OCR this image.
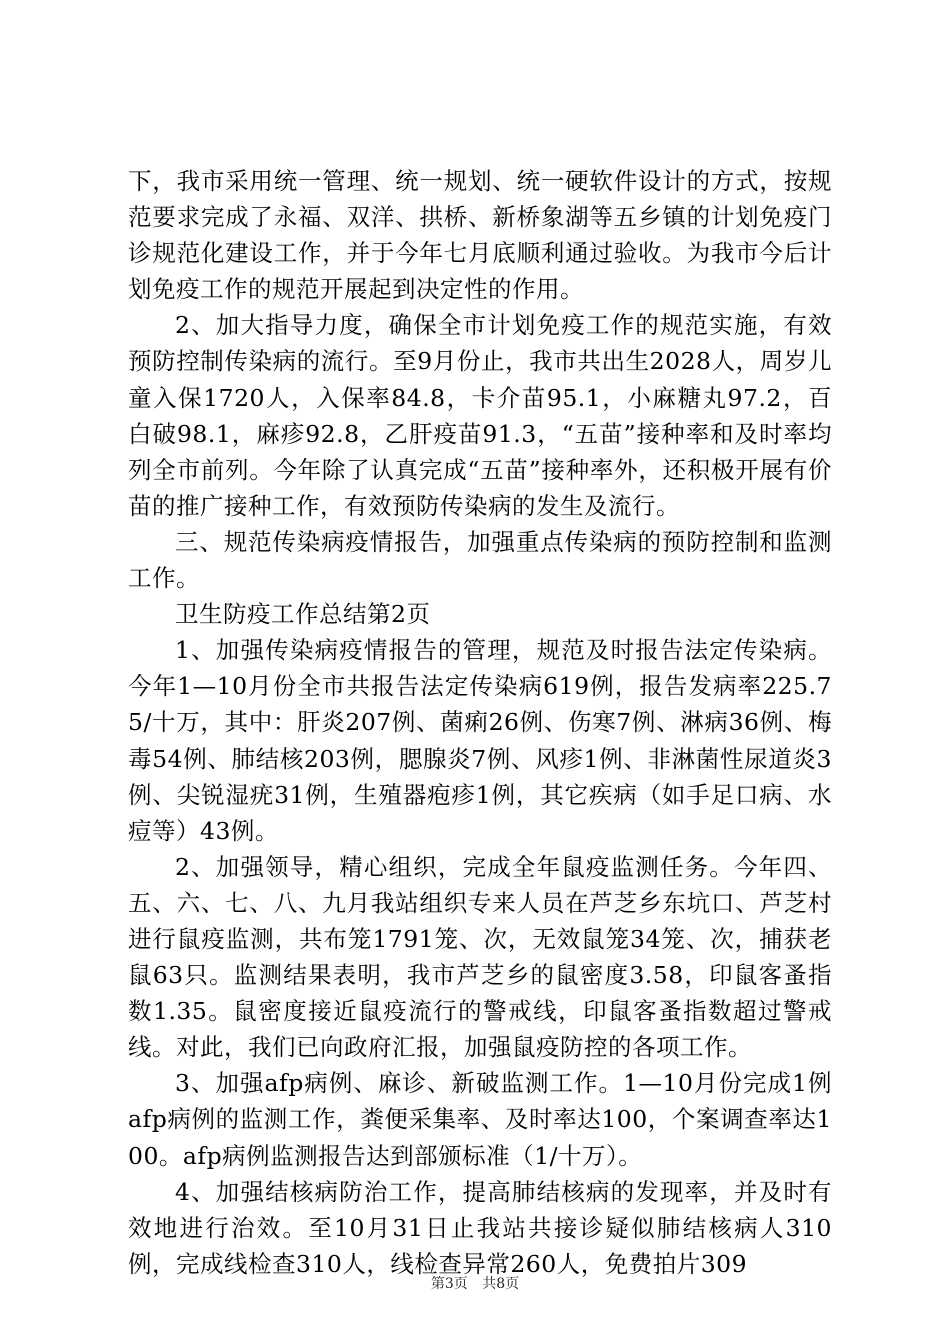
下，我市采用统一管理、统一规划、统一硬软件设计的方式，按规范要求完成了永福、双洋、拱桥、新桥象湖等五乡镇的计划免疫门诊规范化建设工作，并于今年七月底顺利通过验收。为我市今后计划免疫工作的规范开展起到决定性的作用。

2、加大指导力度，确保全市计划免疫工作的规范实施，有效预防控制传染病的流行。至9月份止，我市共出生2028人，周岁儿童入保1720人，入保率84.8，卡介苗95.1，小麻糖丸97.2，百白破98.1，麻疹92.8，乙肝疫苗91.3，“五苗”接种率和及时率均列全市前列。今年除了认真完成“五苗”接种率外，还积极开展有价苗的推广接种工作，有效预防传染病的发生及流行。

三、规范传染病疫情报告，加强重点传染病的预防控制和监测工作。

卫生防疫工作总结第2页

1、加强传染病疫情报告的管理，规范及时报告法定传染病。今年1—10月份全市共报告法定传染病619例，报告发病率225.75/十万，其中：肝炎207例、菌痢26例、伤寒7例、淋病36例、梅毒54例、肺结核203例，腮腺炎7例、风疹1例、非淋菌性尿道炎3例、尖锐湿疣31例，生殖器疱疹1例，其它疾病（如手足口病、水痘等）43例。

2、加强领导，精心组织，完成全年鼠疫监测任务。今年四、五、六、七、八、九月我站组织专来人员在芦芝乡东坑口、芦芝村进行鼠疫监测，共布笼1791笼、次，无效鼠笼34笼、次，捕获老鼠63只。监测结果表明，我市芦芝乡的鼠密度3.58，印鼠客蚤指数1.35。鼠密度接近鼠疫流行的警戒线，印鼠客蚤指数超过警戒线。对此，我们已向政府汇报，加强鼠疫防控的各项工作。

3、加强afp病例、麻诊、新破监测工作。1—10月份完成1例afp病例的监测工作，粪便采集率、及时率达100，个案调查率达100。afp病例监测报告达到部颁标准（1/十万）。

4、加强结核病防治工作，提高肺结核病的发现率，并及时有效地进行治效。至10月31日止我站共接诊疑似肺结核病人310例，完成线检查310人，线检查异常260人，免费拍片309

第3页 共8页
